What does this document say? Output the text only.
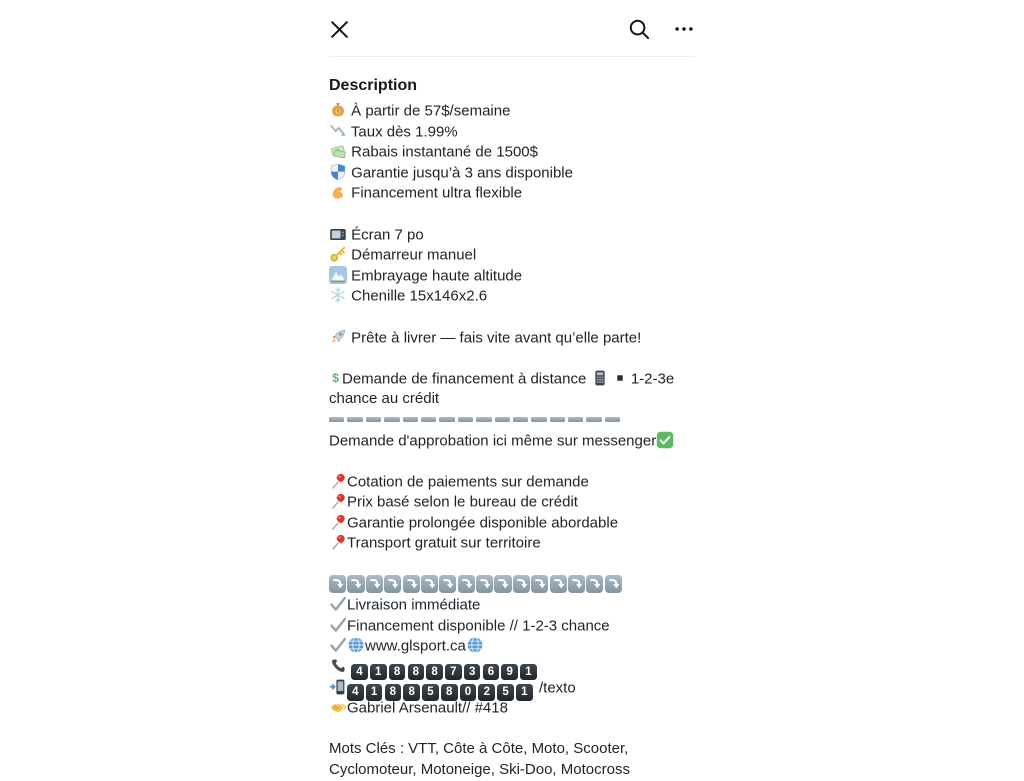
Description
À partir de 57$/semaine
Taux dès 1.99%
Rabais instantané de 1500$
Garantie jusqu’à 3 ans disponible
Financement ultra flexible

Écran 7 po
Démarreur manuel
Embrayage haute altitude
Chenille 15x146x2.6

Prête à livrer — fais vite avant qu’elle parte!

$ Demande de financement à distance

1-2-3e
chance au crédit
Demande d'approbation ici même sur messenger

Cotation de paiements sur demande
Prix basé selon le bureau de crédit
Garantie prolongée disponible abordable
Transport gratuit sur territoire

Livraison immédiate
Financement disponible // 1-2-3 chance
www.glsport.ca
4 1 8 8 8 7 3 6 9 1
4 1 8 8 5 8 0 2 5 1 /texto
Gabriel Arsenault// #418

Mots Clés : VTT, Côte à Côte, Moto, Scooter,
Cyclomoteur, Motoneige, Ski-Doo, Motocross
